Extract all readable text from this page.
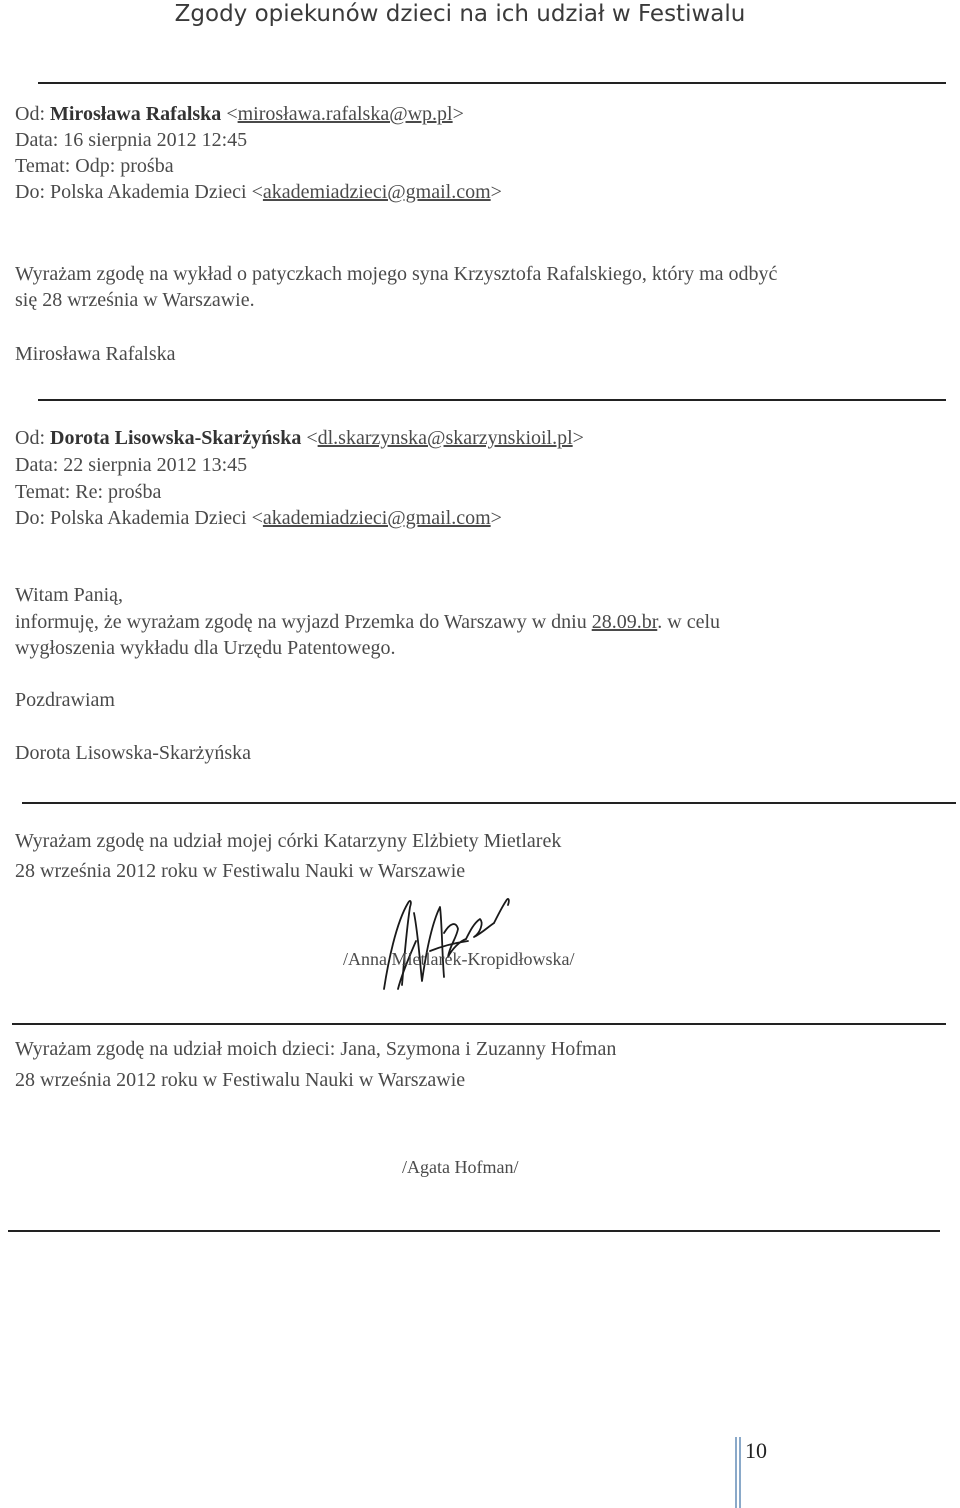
Zgody opiekunów dzieci na ich udział w Festiwalu
Od: Mirosława Rafalska <mirosława.rafalska@wp.pl>
Data: 16 sierpnia 2012 12:45
Temat: Odp: prośba
Do: Polska Akademia Dzieci <akademiadzieci@gmail.com>
Wyrażam zgodę na wykład o patyczkach mojego syna Krzysztofa Rafalskiego, który ma odbyć
się 28 września w Warszawie.
Mirosława Rafalska
Od: Dorota Lisowska-Skarżyńska <dl.skarzynska@skarzynskioil.pl>
Data: 22 sierpnia 2012 13:45
Temat: Re: prośba
Do: Polska Akademia Dzieci <akademiadzieci@gmail.com>
Witam Panią,
informuję, że wyrażam zgodę na wyjazd Przemka do Warszawy w dniu 28.09.br. w celu
wygłoszenia wykładu dla Urzędu Patentowego.
Pozdrawiam
Dorota Lisowska-Skarżyńska
Wyrażam zgodę na udział mojej córki Katarzyny Elżbiety Mietlarek
28 września 2012 roku w Festiwalu Nauki w Warszawie
/Anna Mietlarek-Kropidłowska/
Wyrażam zgodę na udział moich dzieci: Jana, Szymona i Zuzanny Hofman
28 września 2012 roku w Festiwalu Nauki w Warszawie
/Agata Hofman/
10
